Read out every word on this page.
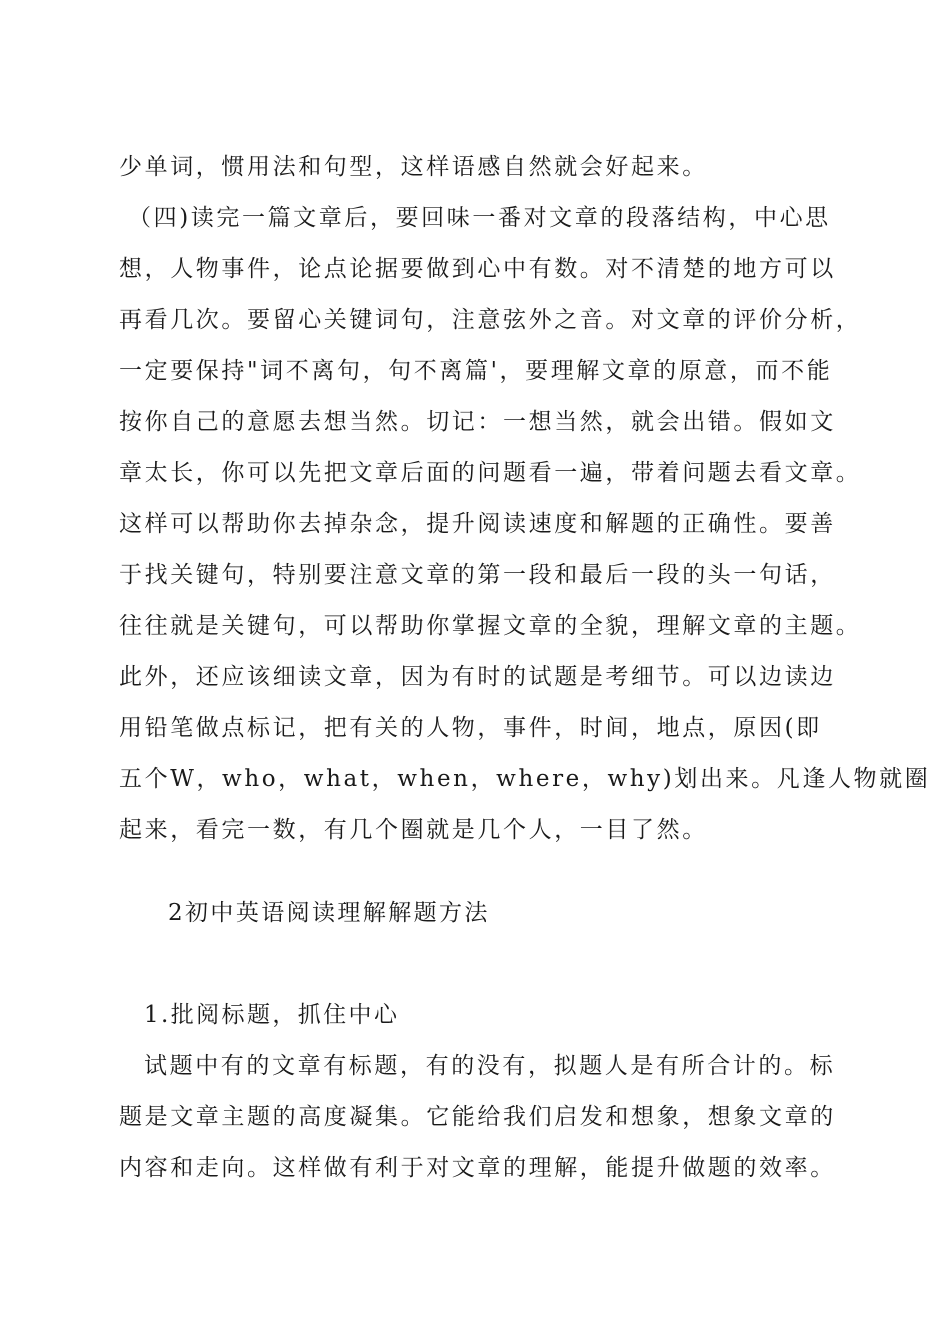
少单词，惯用法和句型，这样语感自然就会好起来。
（四)读完一篇文章后，要回味一番对文章的段落结构，中心思
想，人物事件，论点论据要做到心中有数。对不清楚的地方可以
再看几次。要留心关键词句，注意弦外之音。对文章的评价分析，
一定要保持"词不离句，句不离篇'，要理解文章的原意，而不能
按你自己的意愿去想当然。切记：一想当然，就会出错。假如文
章太长，你可以先把文章后面的问题看一遍，带着问题去看文章。
这样可以帮助你去掉杂念，提升阅读速度和解题的正确性。要善
于找关键句，特别要注意文章的第一段和最后一段的头一句话，
往往就是关键句，可以帮助你掌握文章的全貌，理解文章的主题。
此外，还应该细读文章，因为有时的试题是考细节。可以边读边
用铅笔做点标记，把有关的人物，事件，时间，地点，原因(即
五个W，who，what，when，where，why)划出来。凡逢人物就圈
起来，看完一数，有几个圈就是几个人，一目了然。
2初中英语阅读理解解题方法
1.批阅标题，抓住中心
试题中有的文章有标题，有的没有，拟题人是有所合计的。标
题是文章主题的高度凝集。它能给我们启发和想象，想象文章的
内容和走向。这样做有利于对文章的理解，能提升做题的效率。
